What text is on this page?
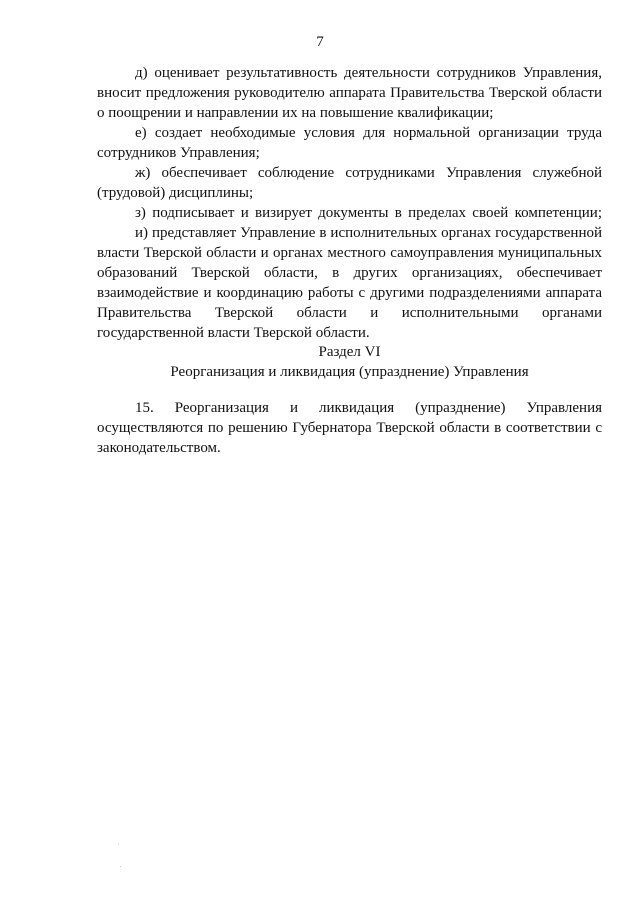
7

д) оценивает результативность деятельности сотрудников Управления, вносит предложения руководителю аппарата Правительства Тверской области о поощрении и направлении их на повышение квалификации;

е) создает необходимые условия для нормальной организации труда сотрудников Управления;

ж) обеспечивает соблюдение сотрудниками Управления служебной (трудовой) дисциплины;

з) подписывает и визирует документы в пределах своей компетенции;

и) представляет Управление в исполнительных органах государственной власти Тверской области и органах местного самоуправления муниципальных образований Тверской области, в других организациях, обеспечивает взаимодействие и координацию работы с другими подразделениями аппарата Правительства Тверской области и исполнительными органами государственной власти Тверской области.

Раздел VI
Реорганизация и ликвидация (упразднение) Управления

15. Реорганизация и ликвидация (упразднение) Управления осуществляются по решению Губернатора Тверской области в соответствии с законодательством.
